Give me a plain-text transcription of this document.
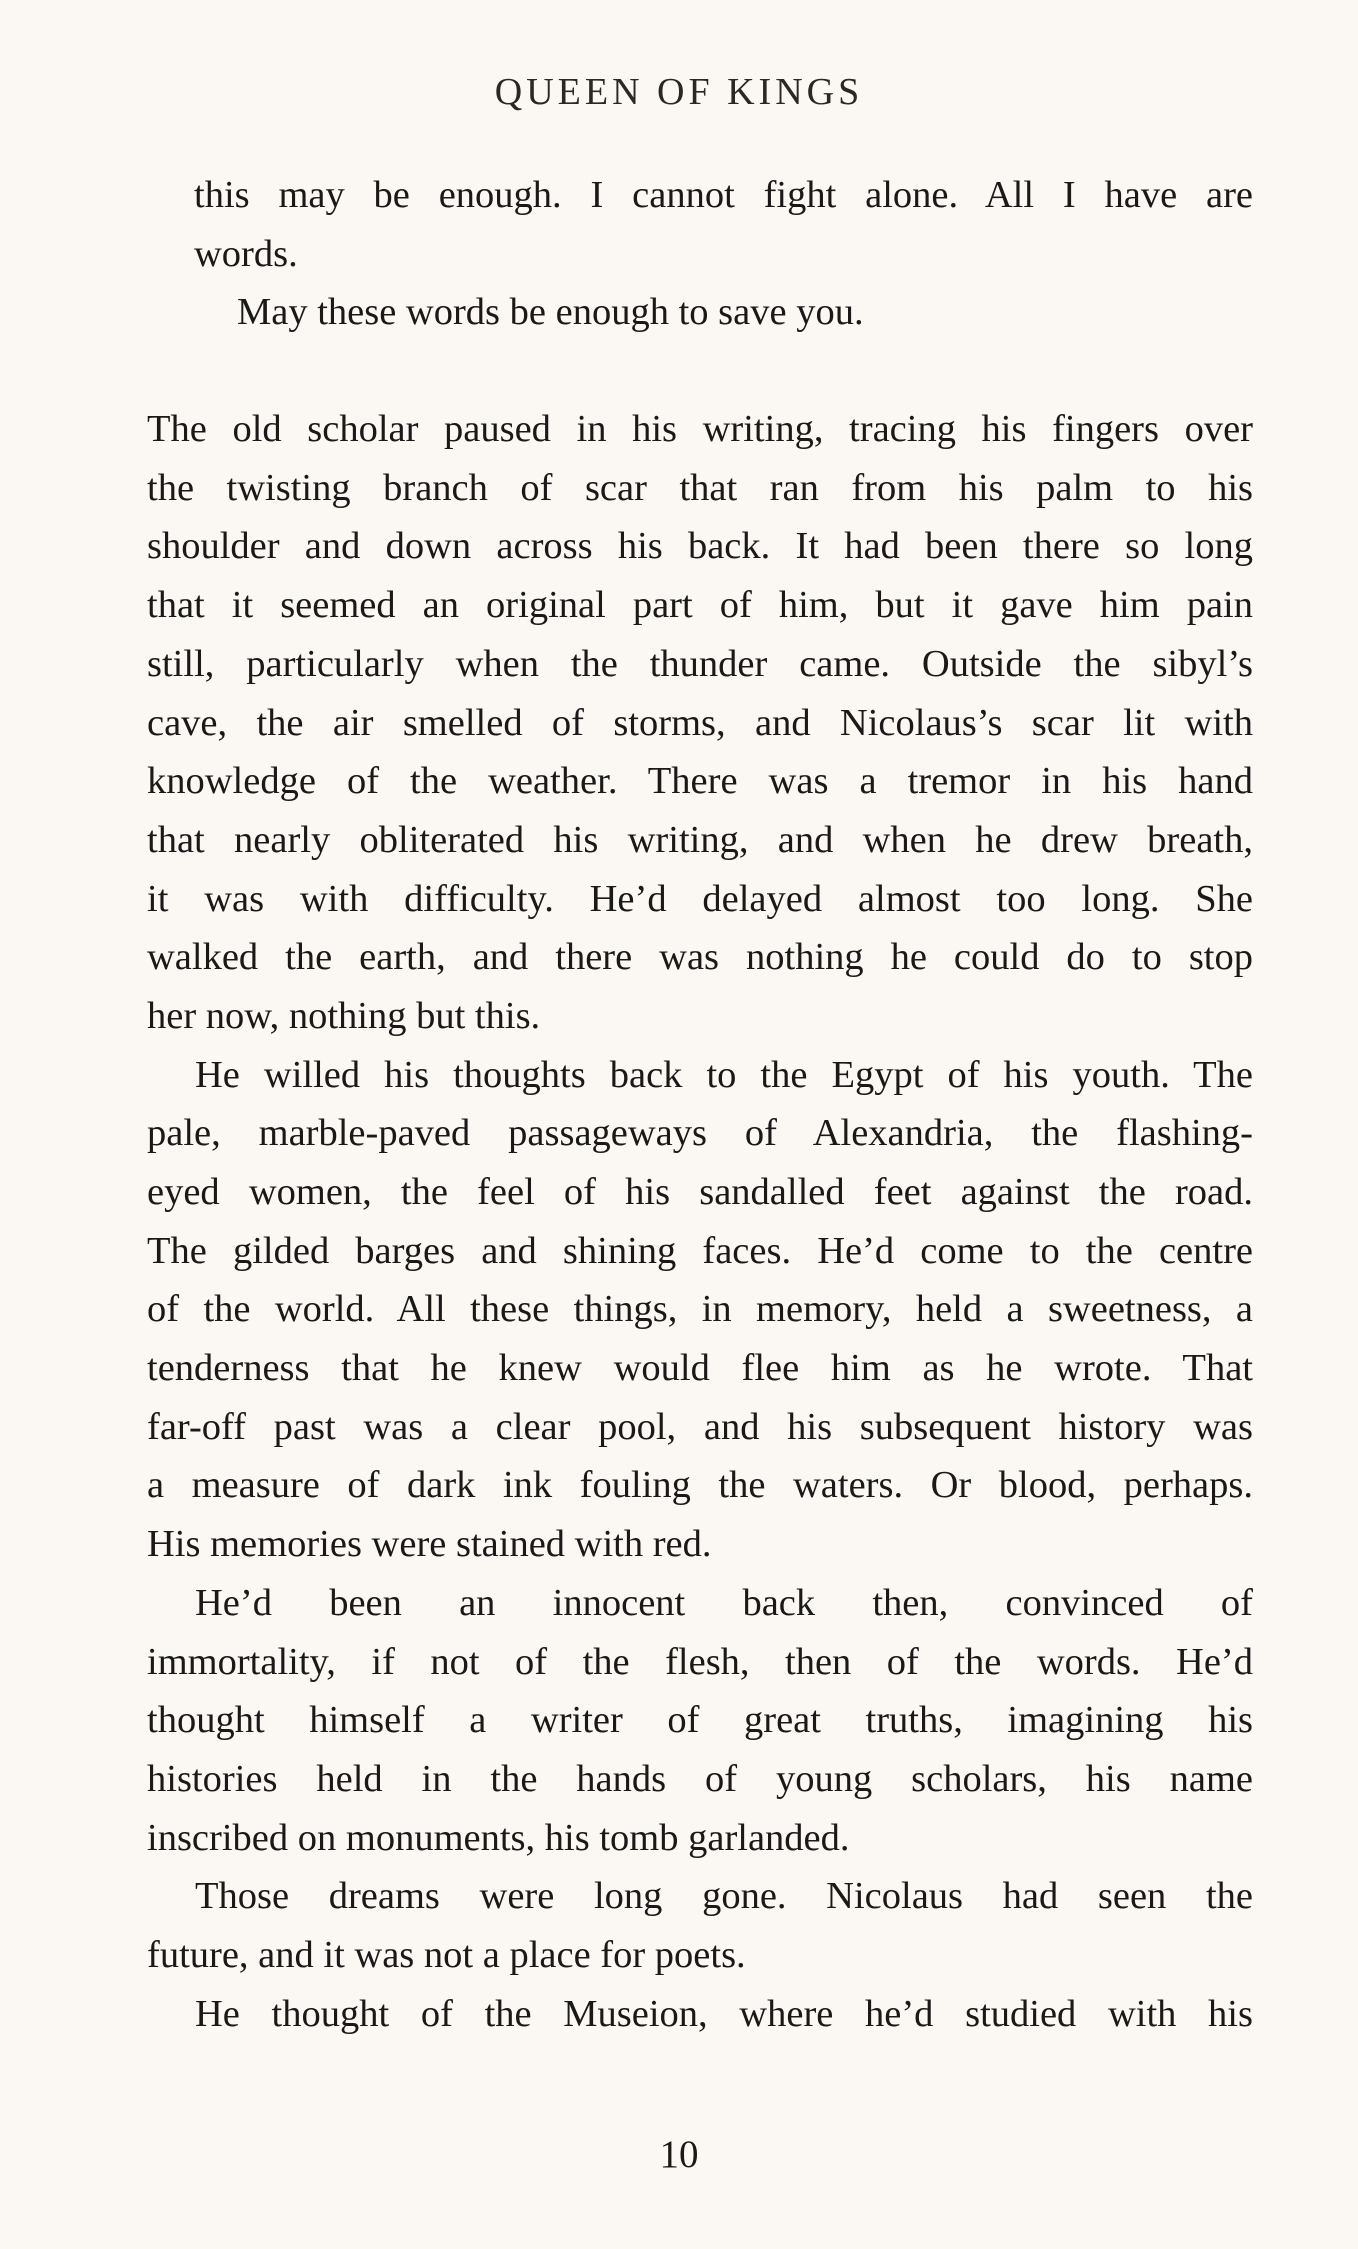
QUEEN OF KINGS
this may be enough. I cannot fight alone. All I have are
words.
May these words be enough to save you.
The old scholar paused in his writing, tracing his fingers over
the twisting branch of scar that ran from his palm to his
shoulder and down across his back. It had been there so long
that it seemed an original part of him, but it gave him pain
still, particularly when the thunder came. Outside the sibyl’s
cave, the air smelled of storms, and Nicolaus’s scar lit with
knowledge of the weather. There was a tremor in his hand
that nearly obliterated his writing, and when he drew breath,
it was with difficulty. He’d delayed almost too long. She
walked the earth, and there was nothing he could do to stop
her now, nothing but this.
He willed his thoughts back to the Egypt of his youth. The
pale, marble-paved passageways of Alexandria, the flashing-
eyed women, the feel of his sandalled feet against the road.
The gilded barges and shining faces. He’d come to the centre
of the world. All these things, in memory, held a sweetness, a
tenderness that he knew would flee him as he wrote. That
far-off past was a clear pool, and his subsequent history was
a measure of dark ink fouling the waters. Or blood, perhaps.
His memories were stained with red.
He’d been an innocent back then, convinced of
immortality, if not of the flesh, then of the words. He’d
thought himself a writer of great truths, imagining his
histories held in the hands of young scholars, his name
inscribed on monuments, his tomb garlanded.
Those dreams were long gone. Nicolaus had seen the
future, and it was not a place for poets.
He thought of the Museion, where he’d studied with his
10
